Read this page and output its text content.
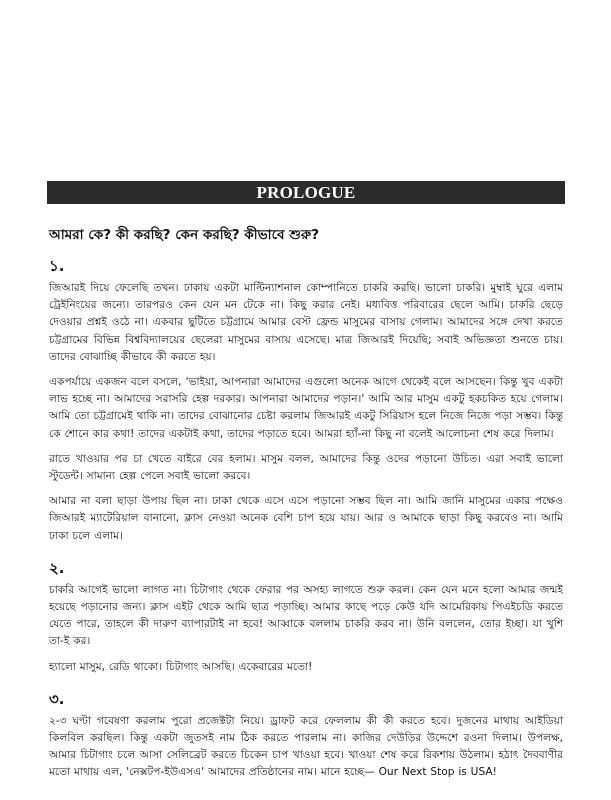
PROLOGUE
আমরা কে? কী করছি? কেন করছি? কীভাবে শুরু?
১.

জিআরই দিয়ে ফেলেছি তখন। ঢাকায় একটা মাল্টিন্যাশনাল কোম্পানিতে চাকরি করছি। ভালো চাকরি। মুম্বাই ঘুরে এলাম ট্রেইনিংয়ের জন্যে। তারপরও কেন যেন মন টেকে না। কিছু করার নেই। মধ্যবিত্ত পরিবারের ছেলে আমি। চাকরি ছেড়ে দেওয়ার প্রশ্নই ওঠে না। একবার ছুটিতে চট্টগ্রামে আমার বেস্ট ফ্রেন্ড মাসুমের বাসায় গেলাম। আমাদের সঙ্গে দেখা করতে চট্টগ্রামের বিভিন্ন বিশ্ববিদ্যালয়ের ছেলেরা মাসুমের বাসায় এসেছে। মাত্র জিআরই দিয়েছি; সবাই অভিজ্ঞতা শুনতে চায়। তাদের বোঝাচ্ছি কীভাবে কী করতে হয়।

একপর্যায়ে একজন বলে বসলে, 'ভাইয়া, আপনারা আমাদের এগুলো অনেক আগে থেকেই বলে আসছেন। কিন্তু খুব একটা লাভ হচ্ছে না। আমাদের সরাসরি হেল্প দরকার। আপনারা আমাদের পড়ান।' আমি আর মাসুম একটু হকচকিত হয়ে গেলাম। আমি তো চট্টগ্রামেই থাকি না। তাদের বোঝানোর চেষ্টা করলাম জিআরই একটু সিরিয়াস হলে নিজে নিজে পড়া সম্ভব। কিন্তু কে শোনে কার কথা! তাদের একটাই কথা, তাদের পড়াতে হবে। আমরা হ্যাঁ-না কিছু না বলেই আলোচনা শেষ করে দিলাম।

রাতে খাওয়ার পর চা খেতে বাইরে বের হলাম। মাসুম বলল, আমাদের কিন্তু ওদের পড়ানো উচিত। এরা সবাই ভালো স্টুডেন্ট। সামান্য হেল্প পেলে সবাই ভালো করবে।

আমার না বলা ছাড়া উপায় ছিল না। ঢাকা থেকে এসে এসে পড়ানো সম্ভব ছিল না। আমি জানি মাসুমের একার পক্ষেও জিআরই ম্যাটেরিয়াল বানানো, ক্লাস নেওয়া অনেক বেশি চাপ হয়ে যায়। আর ও আমাকে ছাড়া কিছু করবেও না। আমি ঢাকা চলে এলাম।

২.

চাকরি আগেই ভালো লাগত না। চিটাগাং থেকে ফেরার পর অসহ্য লাগতে শুরু করল। কেন যেন মনে হলো আমার জন্মই হয়েছে পড়ানোর জন্য। ক্লাস এইট থেকে আমি ছাত্র পড়াচ্ছি। আমার কাছে পড়ে কেউ যদি আমেরিকায় পিএইচডি করতে যেতে পারে, তাহলে কী দারুণ ব্যাপারটাই না হবে! আব্বাকে বললাম চাকরি করব না। উনি বললেন, তোর ইচ্ছা। যা খুশি তা-ই কর।

হ্যালো মাসুম, রেডি থাকো। চিটাগাং আসছি। একেবারের মতো!

৩.

২-৩ ঘণ্টা গবেষণা করলাম পুরো প্রজেক্টটা নিয়ে। ড্রাফট করে ফেললাম কী কী করতে হবে। দুজনের মাথায় আইডিয়া কিলবিল করছিল। কিন্তু একটা জুতসই নাম ঠিক করতে পারলাম না। কাজির দেউড়ির উদ্দেশে রওনা দিলাম। উপলক্ষ, আমার চিটাগাং চলে আসা সেলিব্রেট করতে চিকেন চাপ খাওয়া হবে। খাওয়া শেষ করে রিকশায় উঠলাম। হঠাৎ দৈববাণীর মতো মাথায় এল, 'নেক্সটপ-ইউএসএ' আমাদের প্রতিষ্ঠানের নাম। মানে হচ্ছে— Our Next Stop is USA!
